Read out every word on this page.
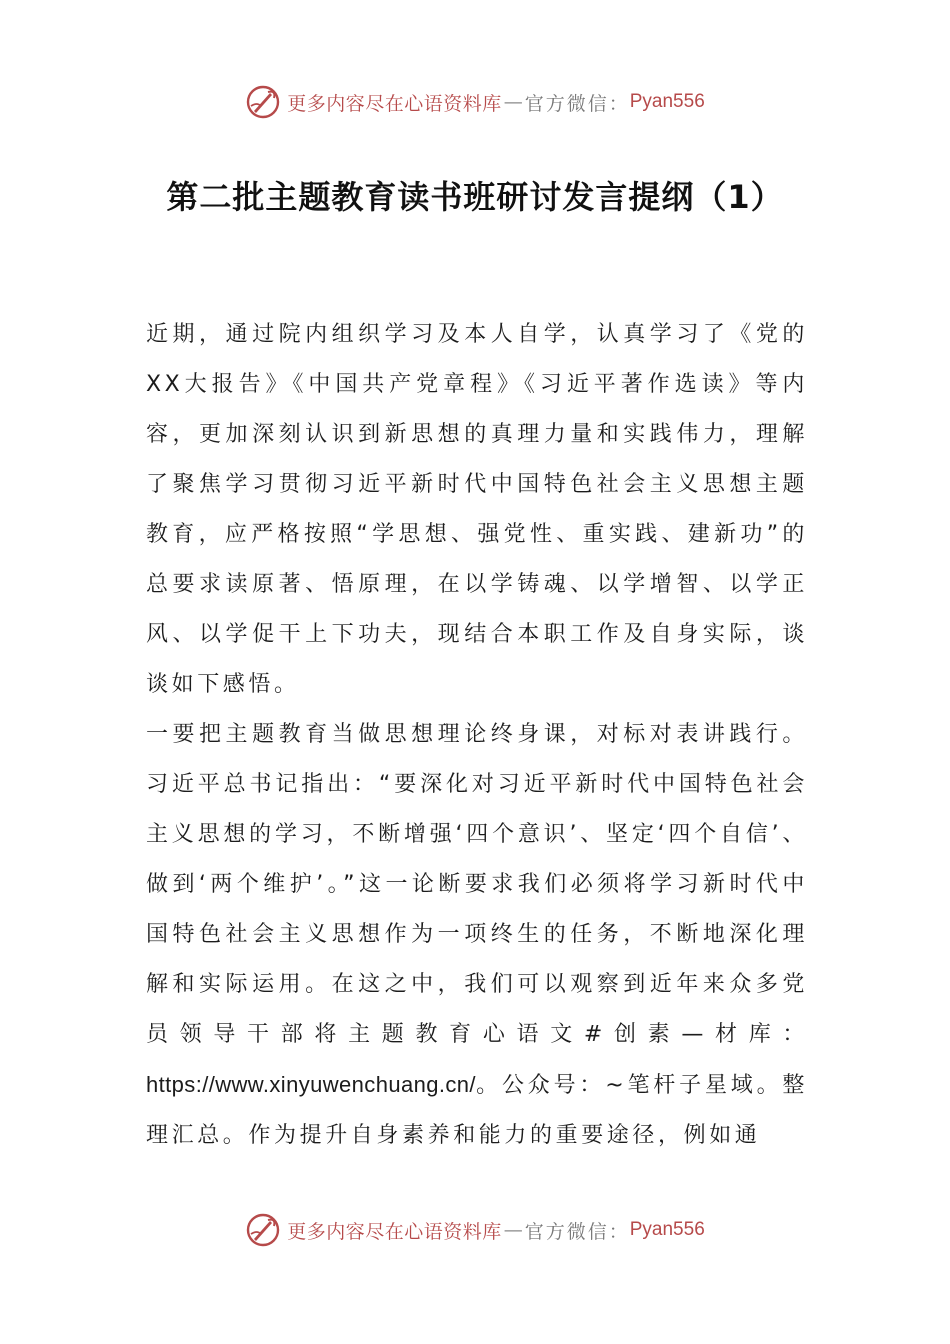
更多内容尽在心语资料库 — 官方微信： Pyan556
第二批主题教育读书班研讨发言提纲（1）

近期，通过院内组织学习及本人自学，认真学习了《党的XX大报告》《中国共产党章程》《习近平著作选读》等内容，更加深刻认识到新思想的真理力量和实践伟力，理解了聚焦学习贯彻习近平新时代中国特色社会主义思想主题教育，应严格按照“学思想、强党性、重实践、建新功”的总要求读原著、悟原理，在以学铸魂、以学增智、以学正风、以学促干上下功夫，现结合本职工作及自身实际，谈谈如下感悟。

一要把主题教育当做思想理论终身课，对标对表讲践行。习近平总书记指出：“要深化对习近平新时代中国特色社会主义思想的学习，不断增强‘四个意识’、坚定‘四个自信’、做到‘两个维护’。”这一论断要求我们必须将学习新时代中国特色社会主义思想作为一项终生的任务，不断地深化理解和实际运用。在这之中，我们可以观察到近年来众多党员领导干部将主题教育心语文#创素—材库：https://www.xinyuwenchuang.cn/。公众号：~笔杆子星域。整理汇总。作为提升自身素养和能力的重要途径，例如通

更多内容尽在心语资料库 — 官方微信： Pyan556
